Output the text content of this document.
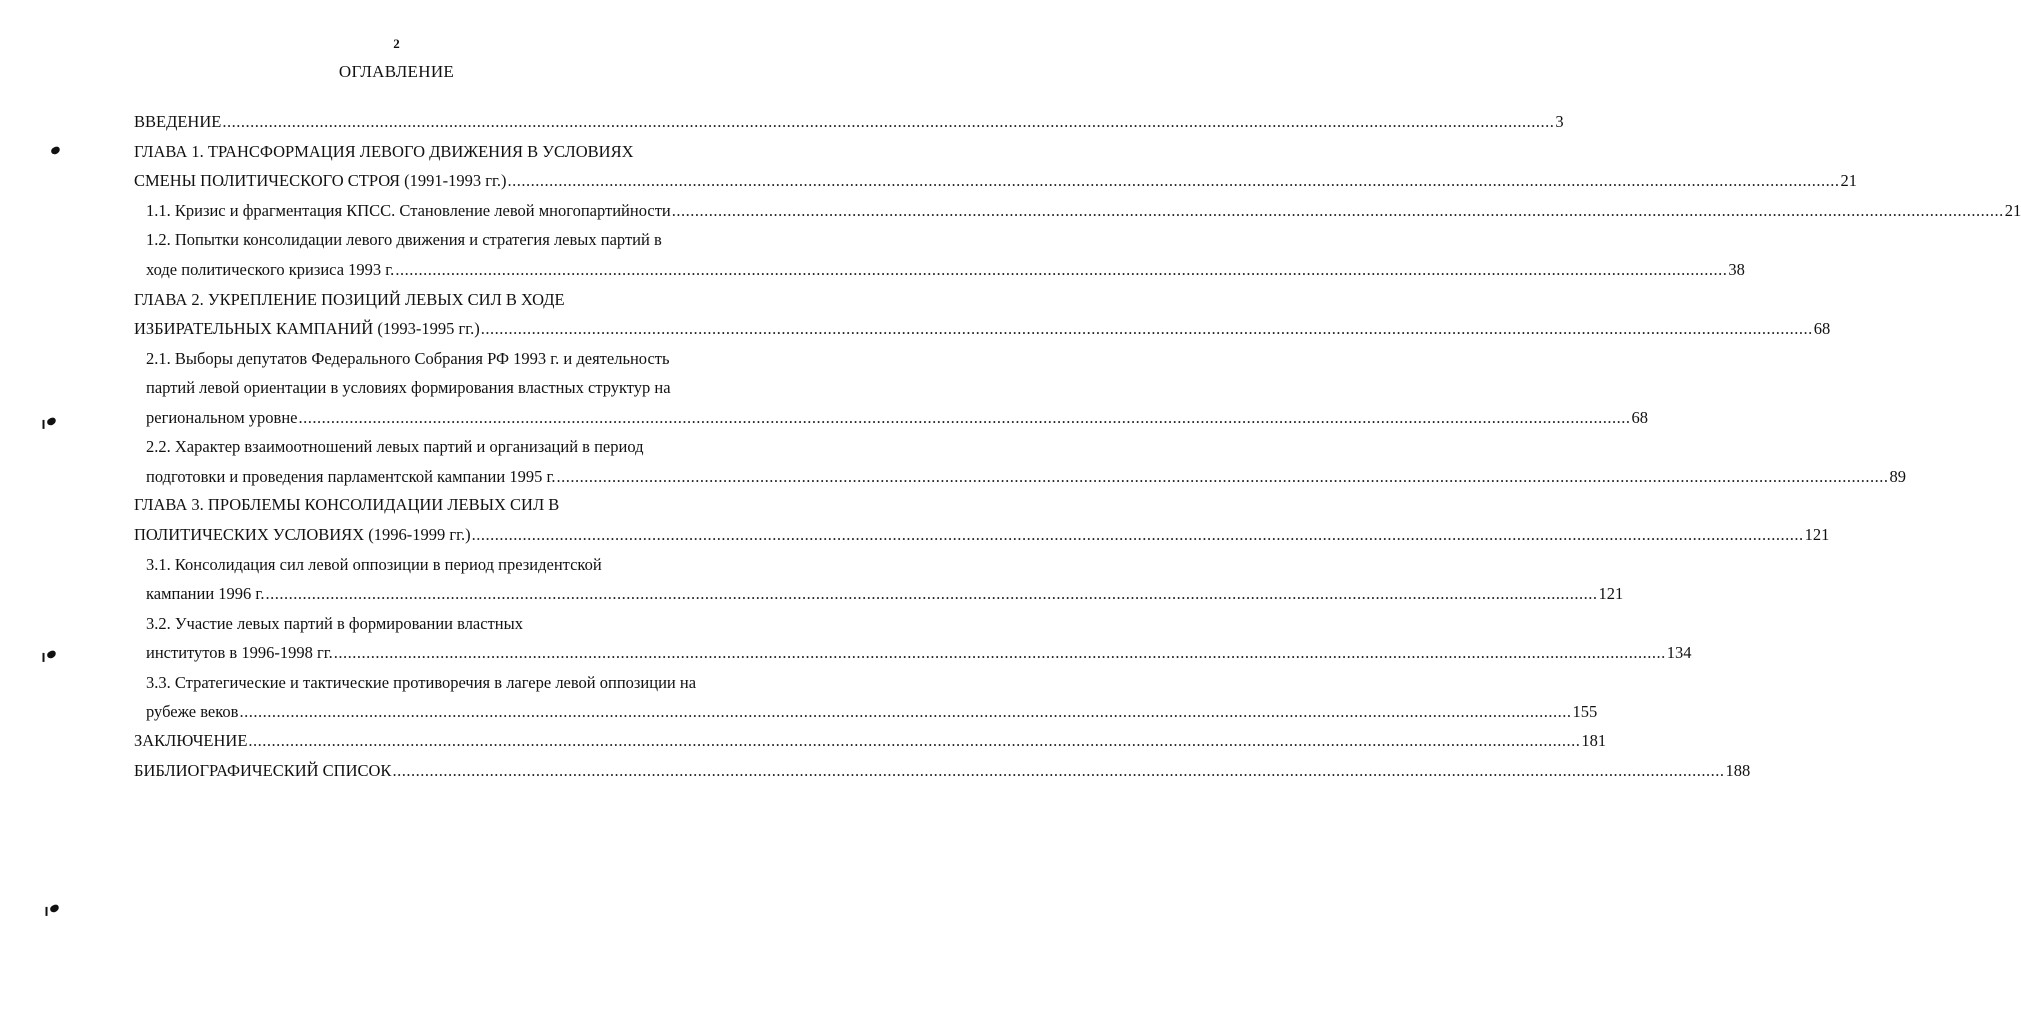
2
ОГЛАВЛЕНИЕ
ВВЕДЕНИЕ ................................................................................................................................................................................................................................................................................................ 3
ГЛАВА 1. ТРАНСФОРМАЦИЯ ЛЕВОГО ДВИЖЕНИЯ В УСЛОВИЯХ
СМЕНЫ ПОЛИТИЧЕСКОГО СТРОЯ (1991-1993 гг.) ................................................................................................................................................................................................................................................................................................ 21
1.1. Кризис и фрагментация КПСС. Становление левой многопартийности ................................................................................................................................................................................................................................................................................................ 21
1.2. Попытки консолидации левого движения и стратегия левых партий в
ходе политического кризиса 1993 г. ................................................................................................................................................................................................................................................................................................ 38
ГЛАВА 2. УКРЕПЛЕНИЕ ПОЗИЦИЙ ЛЕВЫХ СИЛ В ХОДЕ
ИЗБИРАТЕЛЬНЫХ КАМПАНИЙ (1993-1995 гг.) ................................................................................................................................................................................................................................................................................................ 68
2.1. Выборы депутатов Федерального Собрания РФ 1993 г. и деятельность
партий левой ориентации в условиях формирования властных структур на
региональном уровне ................................................................................................................................................................................................................................................................................................ 68
2.2. Характер взаимоотношений левых партий и организаций в период
подготовки и проведения парламентской кампании 1995 г. ................................................................................................................................................................................................................................................................................................ 89
ГЛАВА 3. ПРОБЛЕМЫ КОНСОЛИДАЦИИ ЛЕВЫХ СИЛ В
ПОЛИТИЧЕСКИХ УСЛОВИЯХ (1996-1999 гг.) ................................................................................................................................................................................................................................................................................................ 121
3.1. Консолидация сил левой оппозиции в период президентской
кампании 1996 г. ................................................................................................................................................................................................................................................................................................ 121
3.2. Участие левых партий в формировании властных
институтов в 1996-1998 гг. ................................................................................................................................................................................................................................................................................................ 134
3.3. Стратегические и тактические противоречия в лагере левой оппозиции на
рубеже веков ................................................................................................................................................................................................................................................................................................ 155
ЗАКЛЮЧЕНИЕ ................................................................................................................................................................................................................................................................................................ 181
БИБЛИОГРАФИЧЕСКИЙ СПИСОК ................................................................................................................................................................................................................................................................................................ 188
